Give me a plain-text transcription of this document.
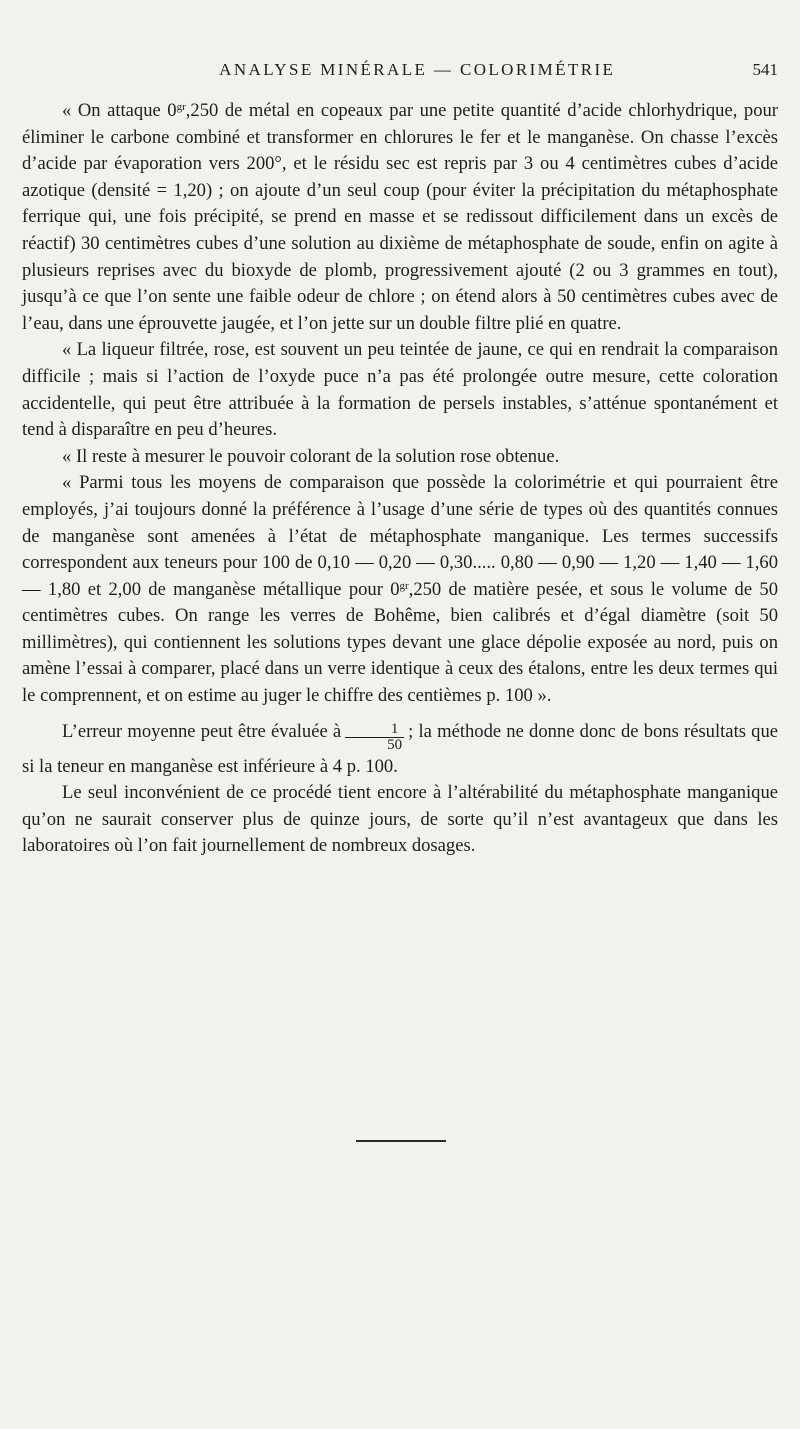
ANALYSE MINÉRALE — COLORIMÉTRIE	541

« On attaque $0^{gr},250$ de métal en copeaux par une petite quantité d’acide chlorhydrique, pour éliminer le carbone combiné et transformer en chlorures le fer et le manganèse. On chasse l’excès d’acide par évaporation vers 200°, et le résidu sec est repris par 3 ou 4 centimètres cubes d’acide azotique (densité = 1,20) ; on ajoute d’un seul coup (pour éviter la précipitation du métaphosphate ferrique qui, une fois précipité, se prend en masse et se redissout difficilement dans un excès de réactif) 30 centimètres cubes d’une solution au dixième de métaphosphate de soude, enfin on agite à plusieurs reprises avec du bioxyde de plomb, progressivement ajouté (2 ou 3 grammes en tout), jusqu’à ce que l’on sente une faible odeur de chlore ; on étend alors à 50 centimètres cubes avec de l’eau, dans une éprouvette jaugée, et l’on jette sur un double filtre plié en quatre.

« La liqueur filtrée, rose, est souvent un peu teintée de jaune, ce qui en rendrait la comparaison difficile ; mais si l’action de l’oxyde puce n’a pas été prolongée outre mesure, cette coloration accidentelle, qui peut être attribuée à la formation de persels instables, s’atténue spontanément et tend à disparaître en peu d’heures.

« Il reste à mesurer le pouvoir colorant de la solution rose obtenue.

« Parmi tous les moyens de comparaison que possède la colorimétrie et qui pourraient être employés, j’ai toujours donné la préférence à l’usage d’une série de types où des quantités connues de manganèse sont amenées à l’état de métaphosphate manganique. Les termes successifs correspondent aux teneurs pour 100 de 0,10 — 0,20 — 0,30..... 0,80 — 0,90 — 1,20 — 1,40 — 1,60 — 1,80 et 2,00 de manganèse métallique pour $0^{gr},250$ de matière pesée, et sous le volume de 50 centimètres cubes. On range les verres de Bohême, bien calibrés et d’égal diamètre (soit 50 millimètres), qui contiennent les solutions types devant une glace dépolie exposée au nord, puis on amène l’essai à comparer, placé dans un verre identique à ceux des étalons, entre les deux termes qui le comprennent, et on estime au juger le chiffre des centièmes p. 100 ».

L’erreur moyenne peut être évaluée à $\frac{1}{50}$ ; la méthode ne donne donc de bons résultats que si la teneur en manganèse est inférieure à 4 p. 100.

Le seul inconvénient de ce procédé tient encore à l’altérabilité du métaphosphate manganique qu’on ne saurait conserver plus de quinze jours, de sorte qu’il n’est avantageux que dans les laboratoires où l’on fait journellement de nombreux dosages.
